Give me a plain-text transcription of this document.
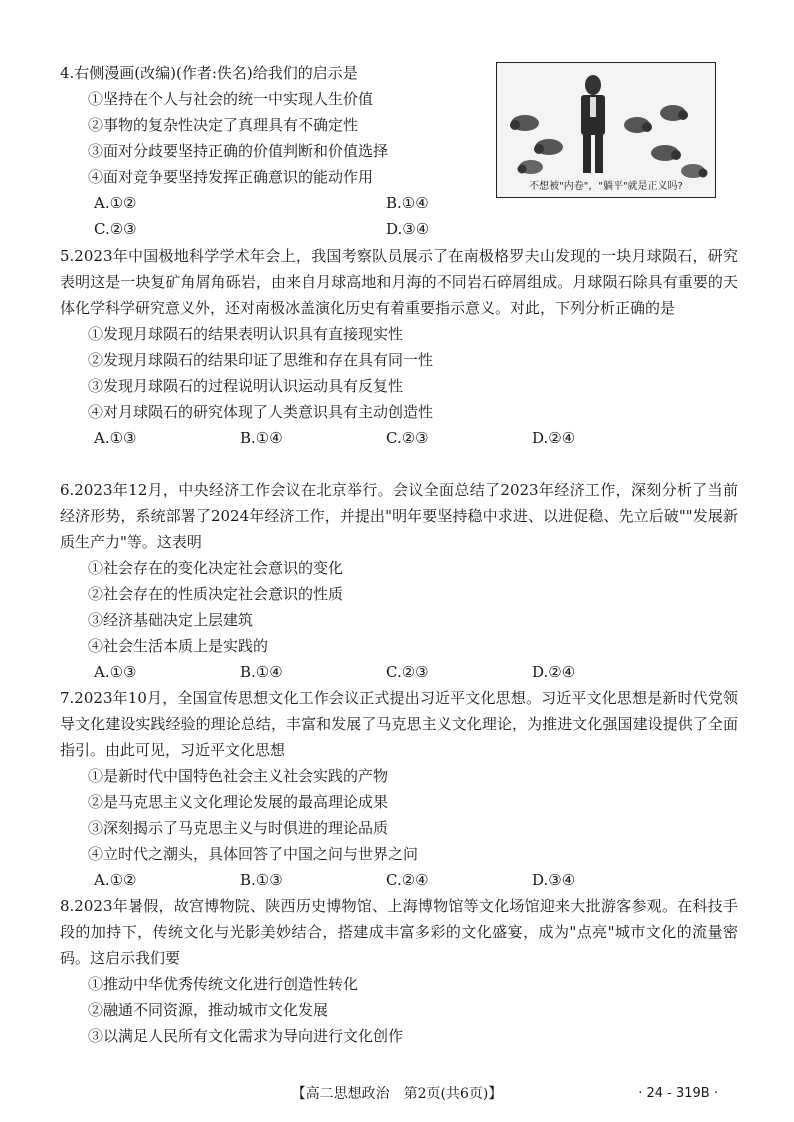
4.右侧漫画(改编)(作者:佚名)给我们的启示是

①坚持在个人与社会的统一中实现人生价值

②事物的复杂性决定了真理具有不确定性

③面对分歧要坚持正确的价值判断和价值选择

④面对竞争要坚持发挥正确意识的能动作用

A.①②	B.①④

C.②③	D.③④

不想被"内卷"，"躺平"就是正义吗?

5.2023年中国极地科学学术年会上，我国考察队员展示了在南极格罗夫山发现的一块月球陨石，研究表明这是一块复矿角屑角砾岩，由来自月球高地和月海的不同岩石碎屑组成。月球陨石除具有重要的天体化学科学研究意义外，还对南极冰盖演化历史有着重要指示意义。对此，下列分析正确的是

①发现月球陨石的结果表明认识具有直接现实性

②发现月球陨石的结果印证了思维和存在具有同一性

③发现月球陨石的过程说明认识运动具有反复性

④对月球陨石的研究体现了人类意识具有主动创造性

A.①③	B.①④	C.②③	D.②④

6.2023年12月，中央经济工作会议在北京举行。会议全面总结了2023年经济工作，深刻分析了当前经济形势，系统部署了2024年经济工作，并提出"明年要坚持稳中求进、以进促稳、先立后破""发展新质生产力"等。这表明

①社会存在的变化决定社会意识的变化

②社会存在的性质决定社会意识的性质

③经济基础决定上层建筑

④社会生活本质上是实践的

A.①③	B.①④	C.②③	D.②④

7.2023年10月，全国宣传思想文化工作会议正式提出习近平文化思想。习近平文化思想是新时代党领导文化建设实践经验的理论总结，丰富和发展了马克思主义文化理论，为推进文化强国建设提供了全面指引。由此可见，习近平文化思想

①是新时代中国特色社会主义社会实践的产物

②是马克思主义文化理论发展的最高理论成果

③深刻揭示了马克思主义与时俱进的理论品质

④立时代之潮头，具体回答了中国之问与世界之问

A.①②	B.①③	C.②④	D.③④

8.2023年暑假，故宫博物院、陕西历史博物馆、上海博物馆等文化场馆迎来大批游客参观。在科技手段的加持下，传统文化与光影美妙结合，搭建成丰富多彩的文化盛宴，成为"点亮"城市文化的流量密码。这启示我们要

①推动中华优秀传统文化进行创造性转化

②融通不同资源，推动城市文化发展

③以满足人民所有文化需求为导向进行文化创作

【高二思想政治　第2页(共6页)】	· 24 - 319B ·
